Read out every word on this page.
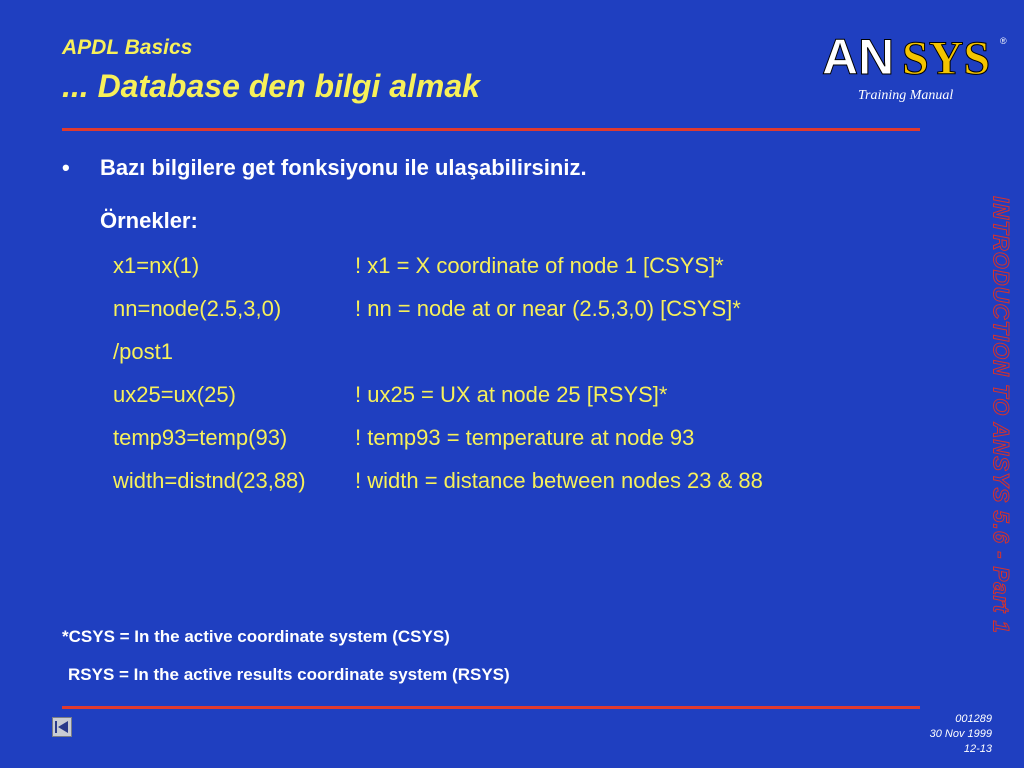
APDL Basics
... Database den bilgi almak
AN SYS ®
Training Manual
• Bazı bilgilere get fonksiyonu ile ulaşabilirsiniz.
Örnekler:
x1=nx(1)	! x1 = X coordinate of node 1 [CSYS]*
nn=node(2.5,3,0)	! nn = node at or near (2.5,3,0) [CSYS]*
/post1
ux25=ux(25)	! ux25 = UX at node 25 [RSYS]*
temp93=temp(93)	! temp93 = temperature at node 93
width=distnd(23,88) ! width = distance between nodes 23 & 88
*CSYS = In the active coordinate system (CSYS)
RSYS = In the active results coordinate system (RSYS)
INTRODUCTION TO ANSYS 5.6 - Part 1
001289
30 Nov 1999
12-13
